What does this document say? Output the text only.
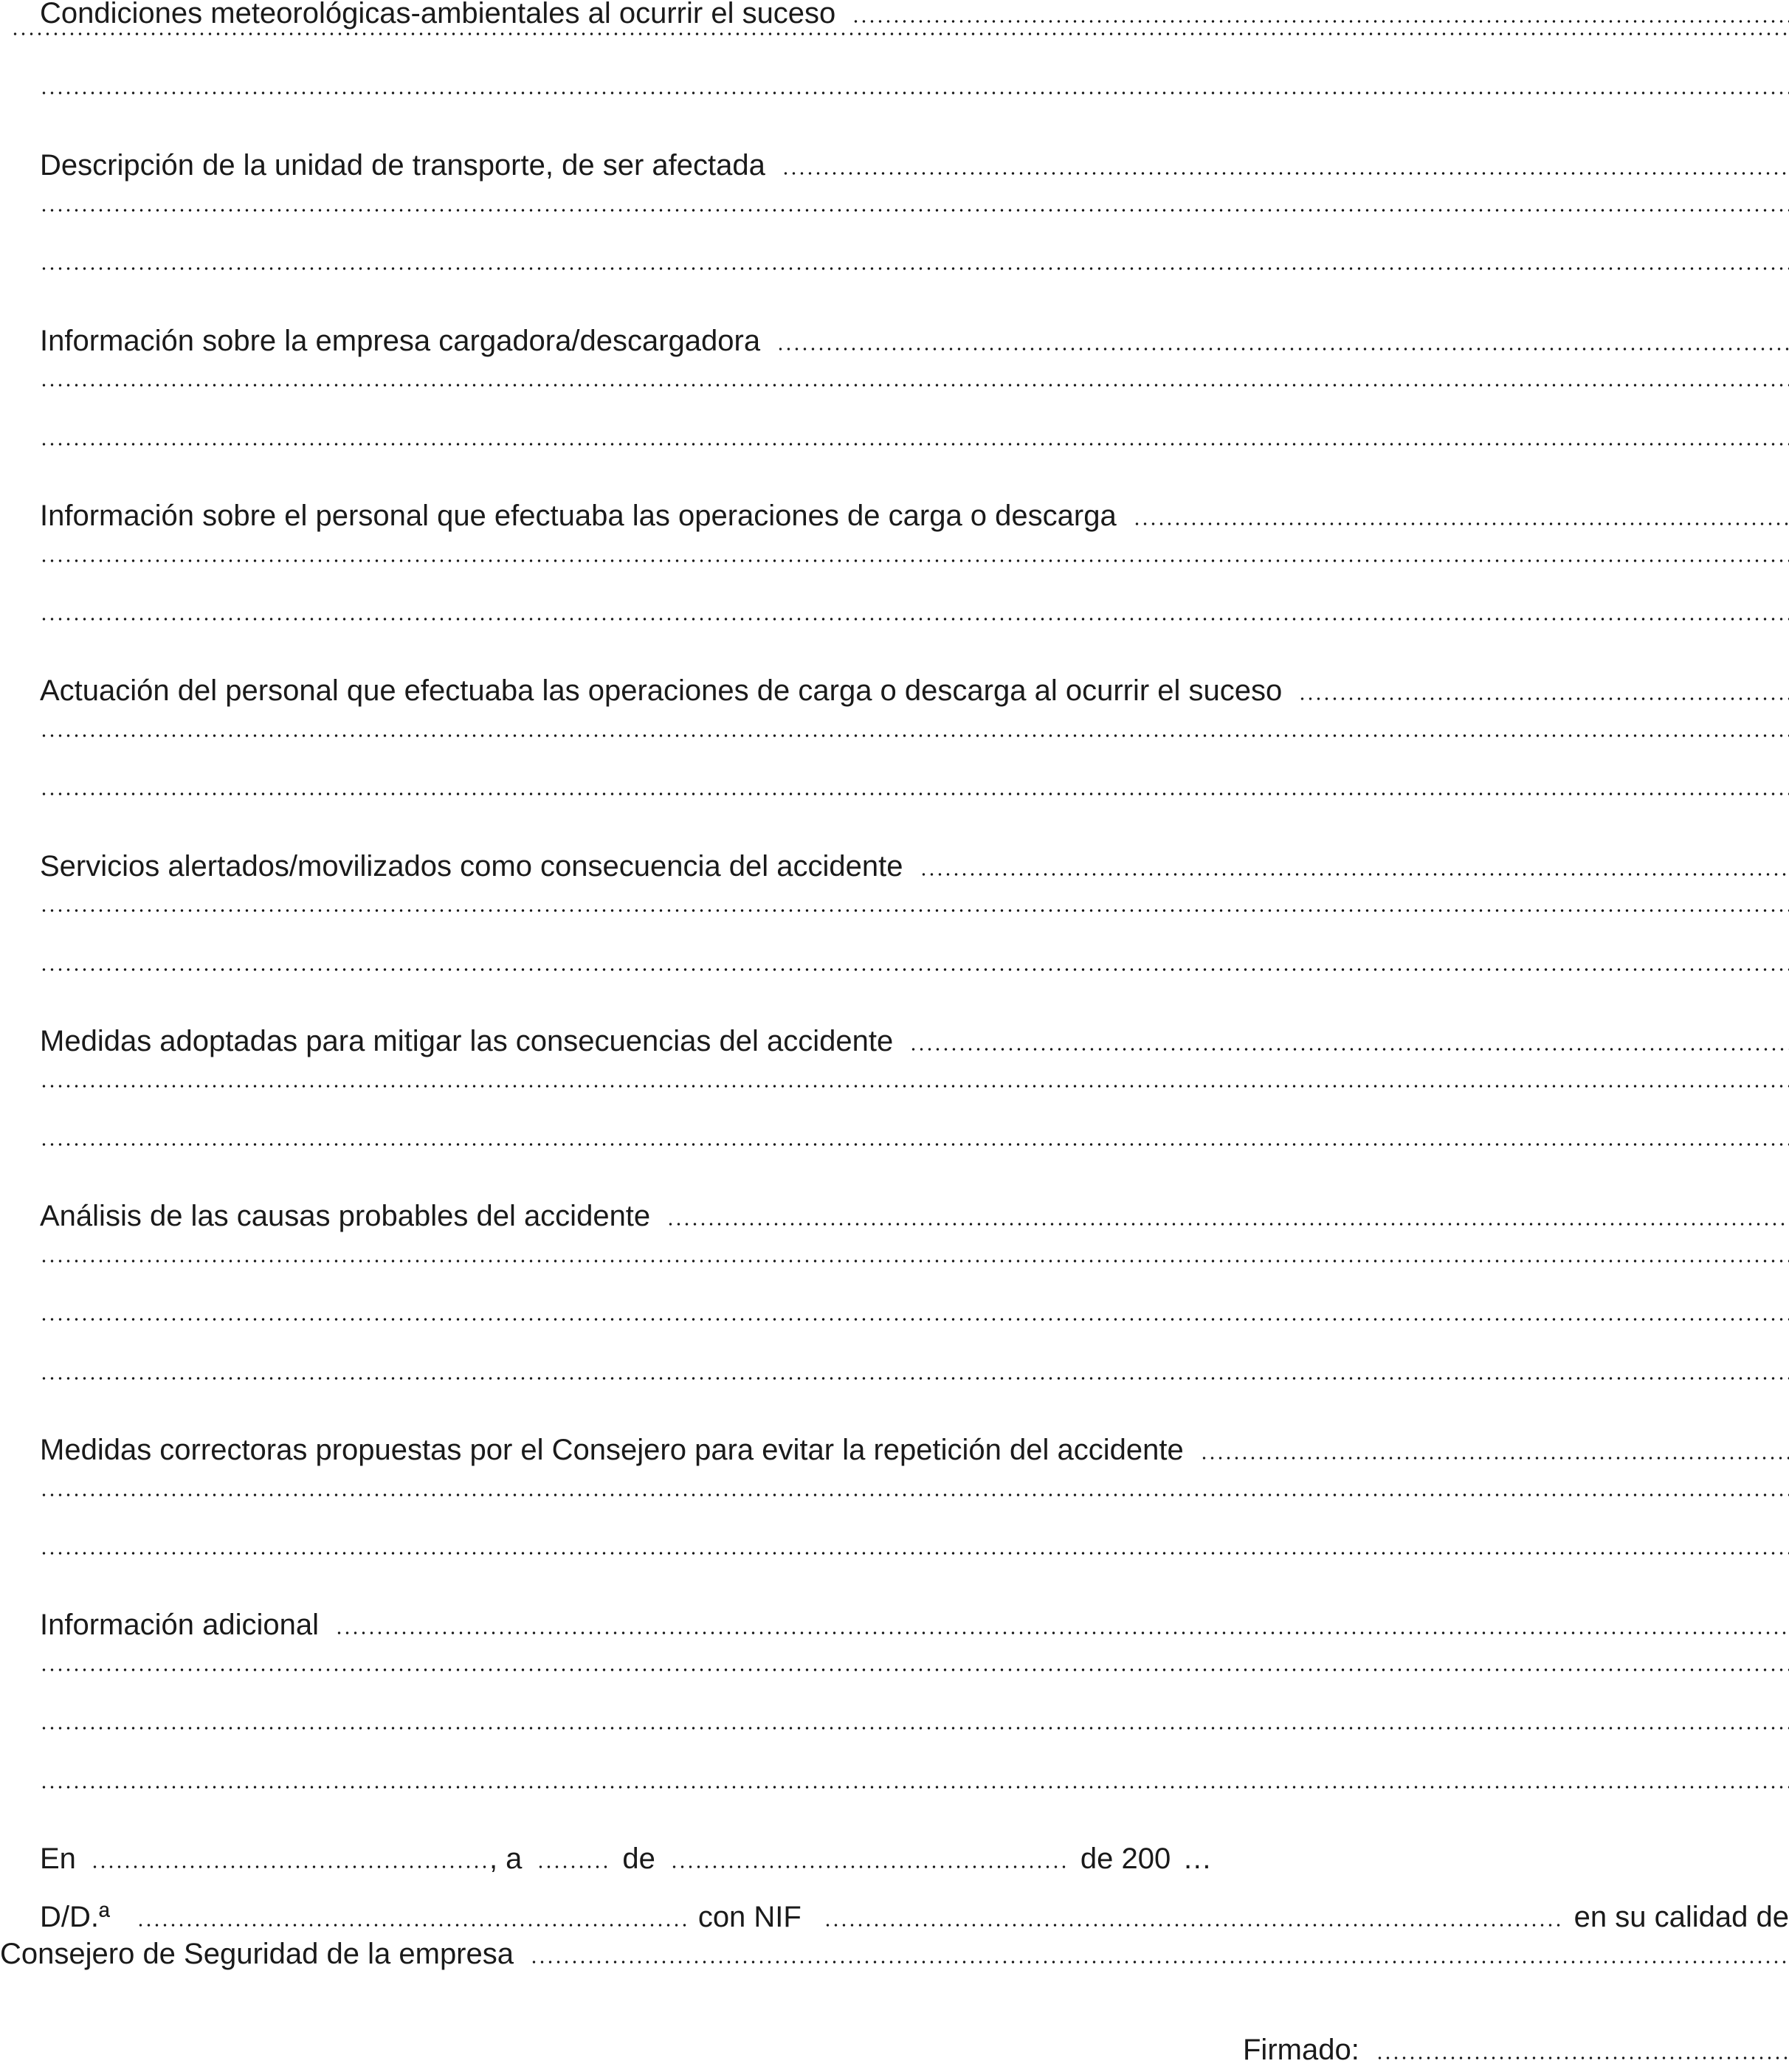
Condiciones meteorológicas-ambientales al ocurrir el suceso
Descripción de la unidad de transporte, de ser afectada
Información sobre la empresa cargadora/descargadora
Información sobre el personal que efectuaba las operaciones de carga o descarga
Actuación del personal que efectuaba las operaciones de carga o descarga al ocurrir el suceso
Servicios alertados/movilizados como consecuencia del accidente
Medidas adoptadas para mitigar las consecuencias del accidente
Análisis de las causas probables del accidente
Medidas correctoras propuestas por el Consejero para evitar la repetición del accidente
Información adicional
En	, a	de	de 200 …
D/D.ª	con NIF	en su calidad de
Consejero de Seguridad de la empresa
Firmado:
